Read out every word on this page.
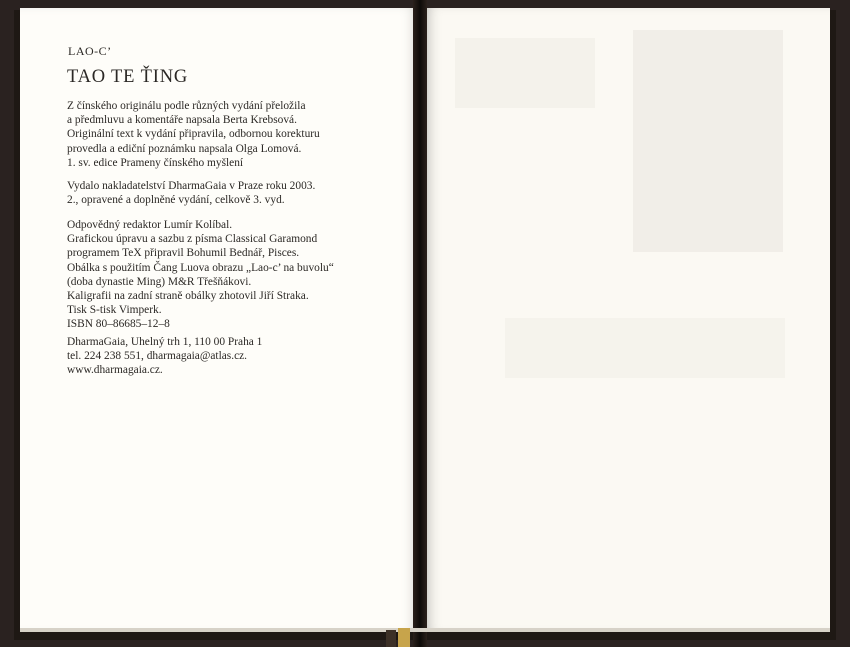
LAO-C’
TAO TE ŤING
Z čínského originálu podle různých vydání přeložila
a předmluvu a komentáře napsala Berta Krebsová.
Originální text k vydání připravila, odbornou korekturu
provedla a ediční poznámku napsala Olga Lomová.
1. sv. edice Prameny čínského myšlení
Vydalo nakladatelství DharmaGaia v Praze roku 2003.
2., opravené a doplněné vydání, celkově 3. vyd.
Odpovědný redaktor Lumír Kolíbal.
Grafickou úpravu a sazbu z písma Classical Garamond
programem TeX připravil Bohumil Bednář, Pisces.
Obálka s použitím Čang Luova obrazu „Lao-c’ na buvolu“
(doba dynastie Ming) M&R Třešňákovi.
Kaligrafii na zadní straně obálky zhotovil Jiří Straka.
Tisk S-tisk Vimperk.
ISBN 80–86685–12–8
DharmaGaia, Uhelný trh 1, 110 00 Praha 1
tel. 224 238 551, dharmagaia@atlas.cz.
www.dharmagaia.cz.
